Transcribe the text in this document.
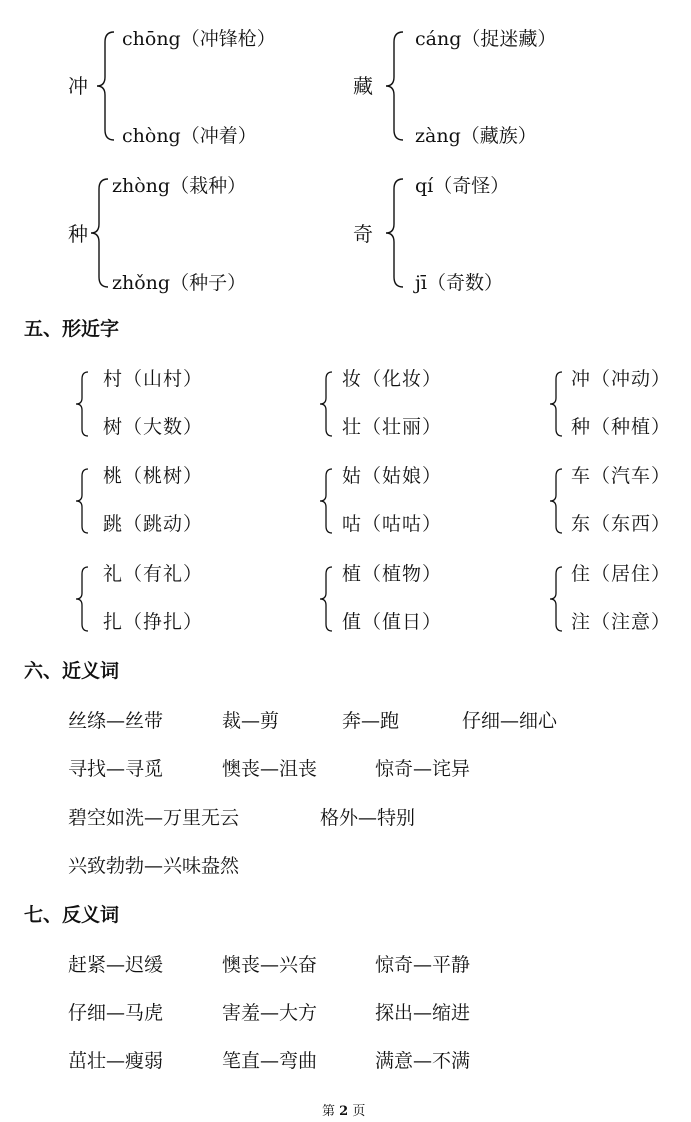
冲
chōng（冲锋枪）
chòng（冲着）
藏
cáng（捉迷藏）
zàng（藏族）
种
zhòng（栽种）
zhǒng（种子）
奇
qí（奇怪）
jī（奇数）
五、形近字
村（山村）
树（大数）
妆（化妆）
壮（壮丽）
冲（冲动）
种（种植）
桃（桃树）
跳（跳动）
姑（姑娘）
咕（咕咕）
车（汽车）
东（东西）
礼（有礼）
扎（挣扎）
植（植物）
值（值日）
住（居住）
注（注意）
六、近义词
丝绦—丝带	裁—剪	奔—跑	仔细—细心
寻找—寻觅	懊丧—沮丧	惊奇—诧异
碧空如洗—万里无云	格外—特别
兴致勃勃—兴味盎然
七、反义词
赶紧—迟缓	懊丧—兴奋	惊奇—平静
仔细—马虎	害羞—大方	探出—缩进
茁壮—瘦弱	笔直—弯曲	满意—不满
第 2 页
